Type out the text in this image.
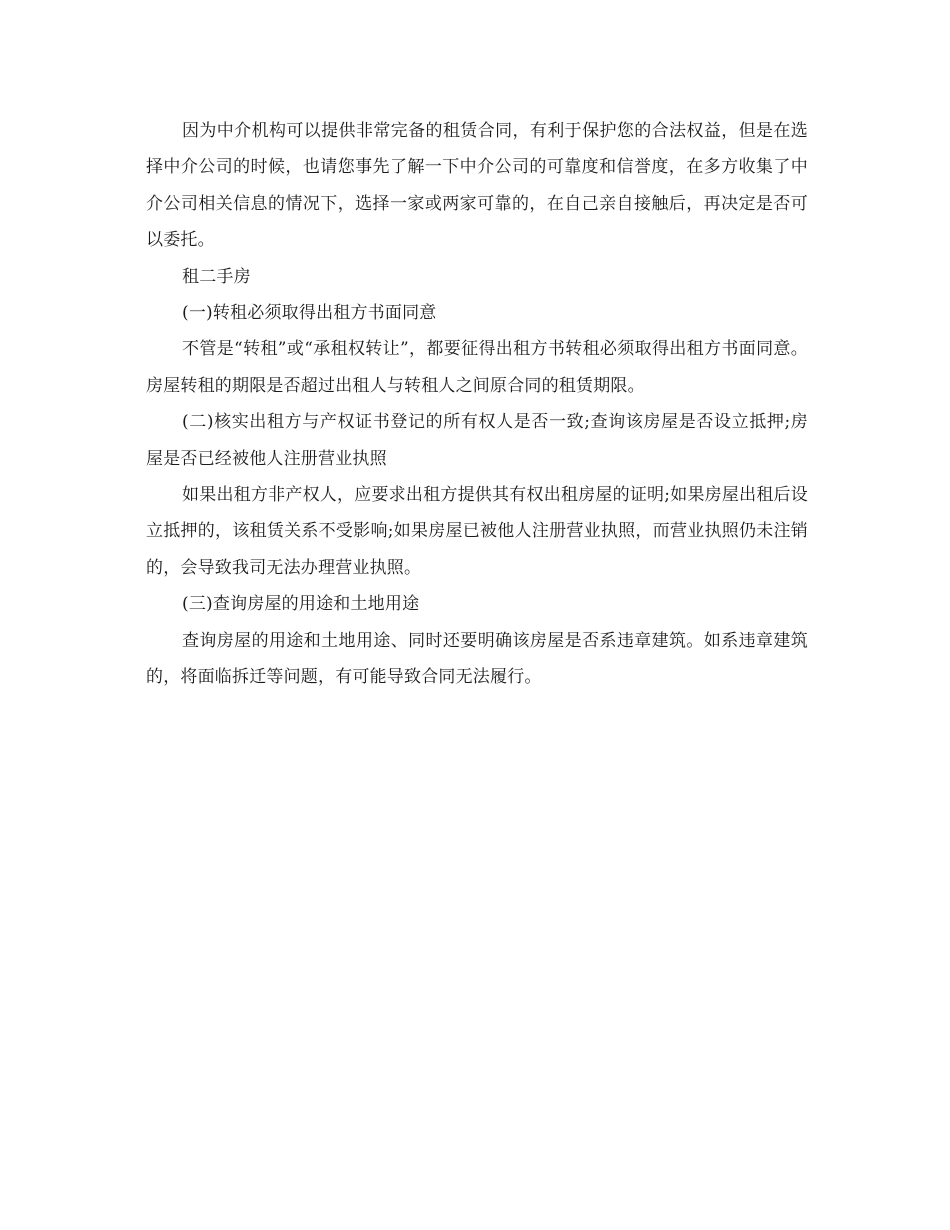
因为中介机构可以提供非常完备的租赁合同，有利于保护您的合法权益，但是在选择中介公司的时候，也请您事先了解一下中介公司的可靠度和信誉度，在多方收集了中介公司相关信息的情况下，选择一家或两家可靠的，在自己亲自接触后，再决定是否可以委托。

租二手房

(一)转租必须取得出租方书面同意

不管是“转租”或“承租权转让”，都要征得出租方书转租必须取得出租方书面同意。房屋转租的期限是否超过出租人与转租人之间原合同的租赁期限。

(二)核实出租方与产权证书登记的所有权人是否一致;查询该房屋是否设立抵押;房屋是否已经被他人注册营业执照

如果出租方非产权人，应要求出租方提供其有权出租房屋的证明;如果房屋出租后设立抵押的，该租赁关系不受影响;如果房屋已被他人注册营业执照，而营业执照仍未注销的，会导致我司无法办理营业执照。

(三)查询房屋的用途和土地用途

查询房屋的用途和土地用途、同时还要明确该房屋是否系违章建筑。如系违章建筑的，将面临拆迁等问题，有可能导致合同无法履行。
